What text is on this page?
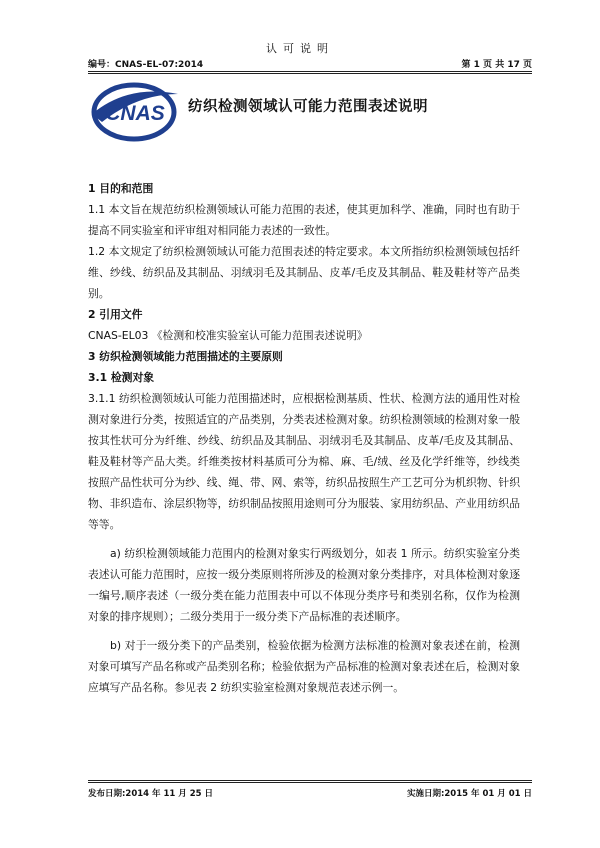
认可说明
编号：CNAS-EL-07:2014	第 1 页 共 17 页
CNAS 纺织检测领域认可能力范围表述说明

1 目的和范围

1.1 本文旨在规范纺织检测领域认可能力范围的表述，使其更加科学、准确，同时也有助于提高不同实验室和评审组对相同能力表述的一致性。

1.2 本文规定了纺织检测领域认可能力范围表述的特定要求。本文所指纺织检测领域包括纤维、纱线、纺织品及其制品、羽绒羽毛及其制品、皮革/毛皮及其制品、鞋及鞋材等产品类别。

2 引用文件

CNAS-EL03 《检测和校准实验室认可能力范围表述说明》

3 纺织检测领域能力范围描述的主要原则

3.1 检测对象

3.1.1 纺织检测领域认可能力范围描述时，应根据检测基质、性状、检测方法的通用性对检测对象进行分类，按照适宜的产品类别，分类表述检测对象。纺织检测领域的检测对象一般按其性状可分为纤维、纱线、纺织品及其制品、羽绒羽毛及其制品、皮革/毛皮及其制品、鞋及鞋材等产品大类。纤维类按材料基质可分为棉、麻、毛/绒、丝及化学纤维等，纱线类按照产品性状可分为纱、线、绳、带、网、索等，纺织品按照生产工艺可分为机织物、针织物、非织造布、涂层织物等，纺织制品按照用途则可分为服装、家用纺织品、产业用纺织品等等。

a) 纺织检测领域能力范围内的检测对象实行两级划分，如表 1 所示。纺织实验室分类表述认可能力范围时，应按一级分类原则将所涉及的检测对象分类排序，对具体检测对象逐一编号,顺序表述（一级分类在能力范围表中可以不体现分类序号和类别名称，仅作为检测对象的排序规则）；二级分类用于一级分类下产品标准的表述顺序。

b) 对于一级分类下的产品类别，检验依据为检测方法标准的检测对象表述在前，检测对象可填写产品名称或产品类别名称；检验依据为产品标准的检测对象表述在后，检测对象应填写产品名称。参见表 2 纺织实验室检测对象规范表述示例一。

发布日期:2014 年 11 月 25 日	实施日期:2015 年 01 月 01 日
